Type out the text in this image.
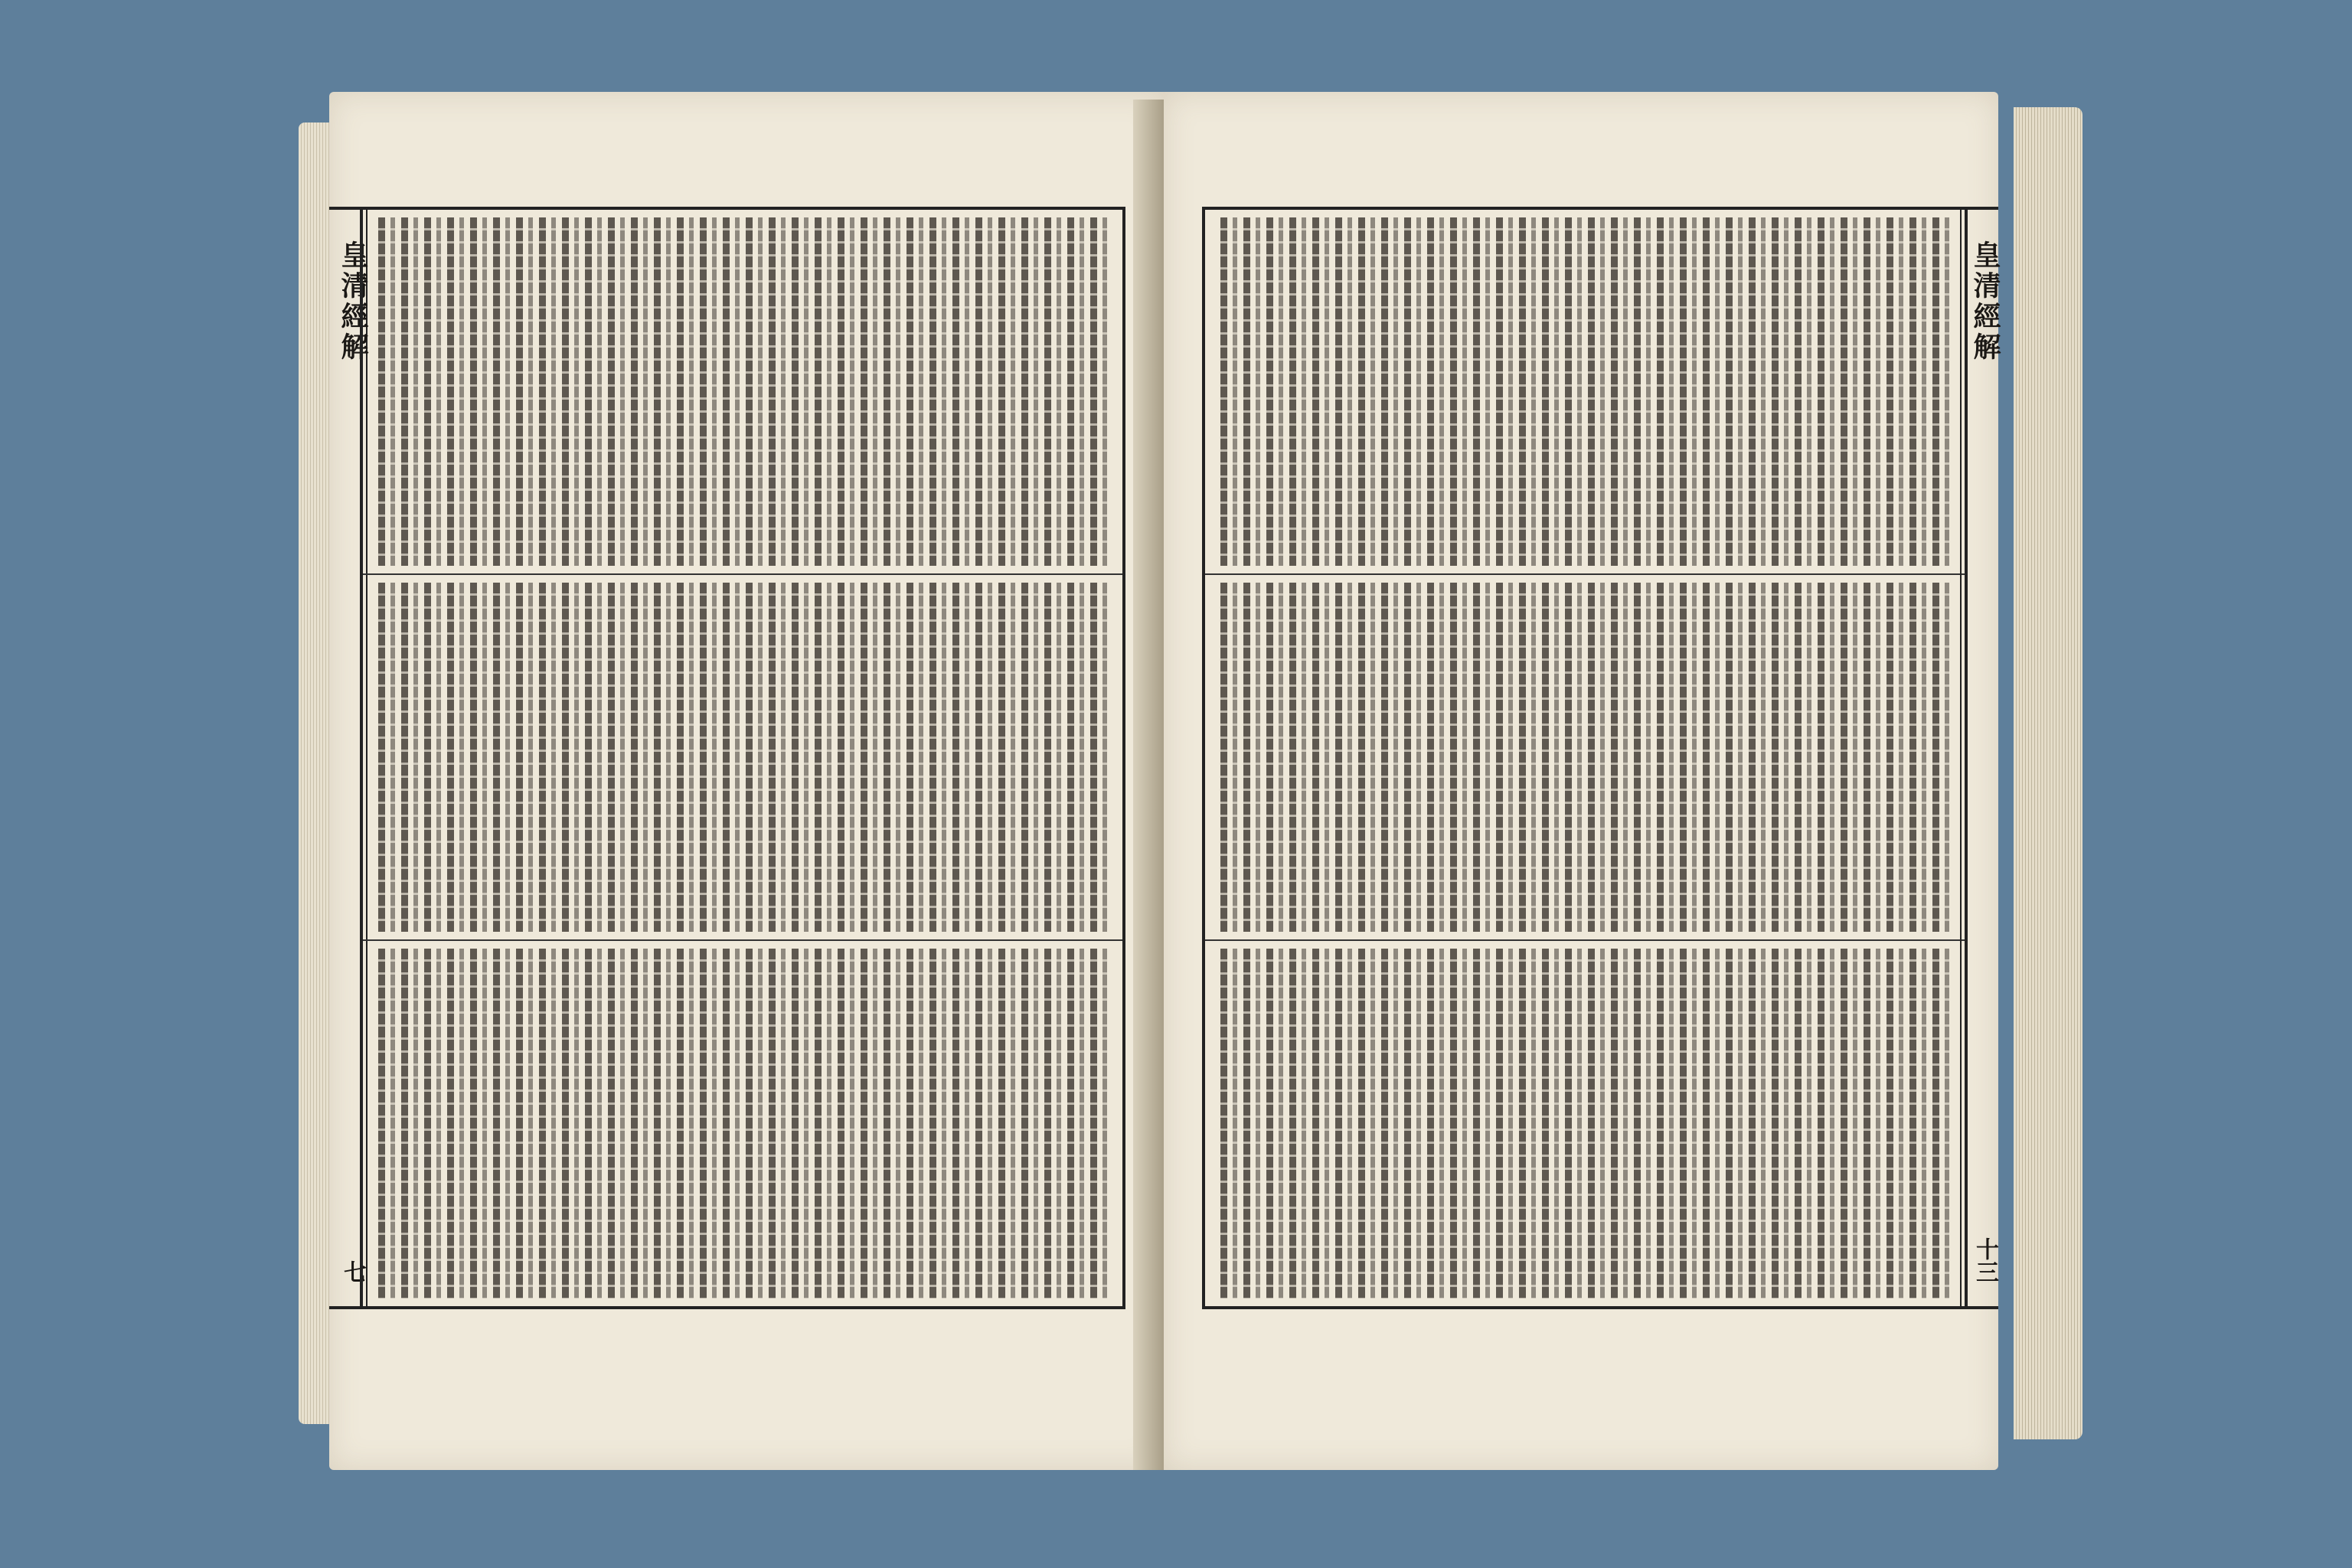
皇清經解
七
皇清經解
十三
